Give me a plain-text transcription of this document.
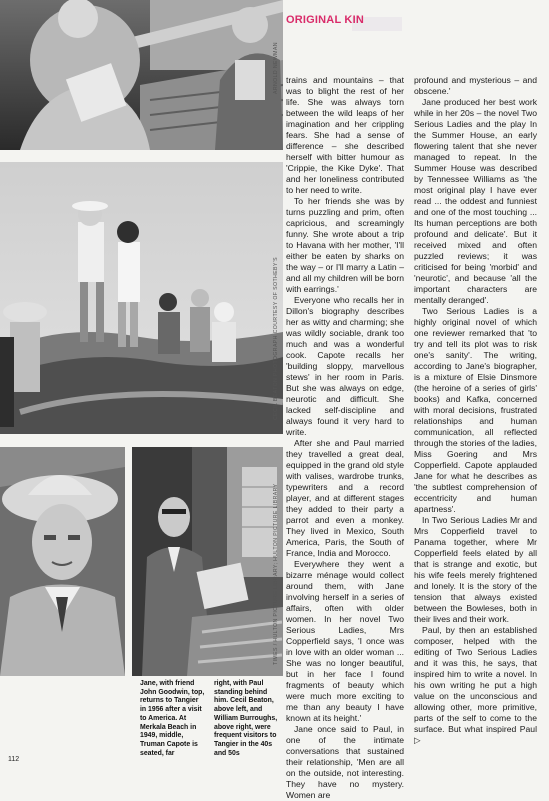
ARNOLD NEWMAN
CECIL BEATON PHOTOGRAPH COURTESY OF SOTHEBY'S
TIMES / HULTON PICTURE LIBRARY; HULTON PICTURE LIBRARY
ORIGINAL KIN

trains and mountains – that was to blight the rest of her life. She was always torn between the wild leaps of her imagination and her crippling fears. She had a sense of difference – she described herself with bitter humour as 'Crippie, the Kike Dyke'. That and her loneliness contributed to her need to write.

To her friends she was by turns puzzling and prim, often capricious, and screamingly funny. She wrote about a trip to Havana with her mother, 'I'll either be eaten by sharks on the way – or I'll marry a Latin – and all my children will be born with earrings.'

Everyone who recalls her in Dillon's biography describes her as witty and charming; she was wildly sociable, drank too much and was a wonderful cook. Capote recalls her 'building sloppy, marvellous stews' in her room in Paris. But she was always on edge, neurotic and difficult. She lacked self-discipline and always found it very hard to write.

After she and Paul married they travelled a great deal, equipped in the grand old style with valises, wardrobe trunks, typewriters and a record player, and at different stages they added to their party a parrot and even a monkey. They lived in Mexico, South America, Paris, the South of France, India and Morocco.

Everywhere they went a bizarre ménage would collect around them, with Jane involving herself in a series of affairs, often with older women. In her novel Two Serious Ladies, Mrs Copperfield says, 'I once was in love with an older woman ... She was no longer beautiful, but in her face I found fragments of beauty which were much more exciting to me than any beauty I have known at its height.'

Jane once said to Paul, in one of the intimate conversations that sustained their relationship, 'Men are all on the outside, not interesting. They have no mystery. Women are

profound and mysterious – and obscene.'

Jane produced her best work while in her 20s – the novel Two Serious Ladies and the play In the Summer House, an early flowering talent that she never managed to repeat. In the Summer House was described by Tennessee Williams as 'the most original play I have ever read ... the oddest and funniest and one of the most touching ... Its human perceptions are both profound and delicate'. But it received mixed and often puzzled reviews; it was criticised for being 'morbid' and 'neurotic', and because 'all the important characters are mentally deranged'.

Two Serious Ladies is a highly original novel of which one reviewer remarked that 'to try and tell its plot was to risk one's sanity'. The writing, according to Jane's biographer, is a mixture of Elsie Dinsmore (the heroine of a series of girls' books) and Kafka, concerned with moral decisions, frustrated relationships and human communication, all reflected through the stories of the ladies, Miss Goering and Mrs Copperfield. Capote applauded Jane for what he describes as 'the subtlest comprehension of eccentricity and human apartness'.

In Two Serious Ladies Mr and Mrs Copperfield travel to Panama together, where Mr Copperfield feels elated by all that is strange and exotic, but his wife feels merely frightened and lonely. It is the story of the tension that always existed between the Bowleses, both in their lives and their work.

Paul, by then an established composer, helped with the editing of Two Serious Ladies and it was this, he says, that inspired him to write a novel. In his own writing he put a high value on the unconscious and allowing other, more primitive, parts of the self to come to the surface. But what inspired Paul ▷

Jane, with friend John Goodwin, top, returns to Tangier in 1956 after a visit to America. At Merkala Beach in 1949, middle, Truman Capote is seated, far
right, with Paul standing behind him. Cecil Beaton, above left, and William Burroughs, above right, were frequent visitors to Tangier in the 40s and 50s
112
